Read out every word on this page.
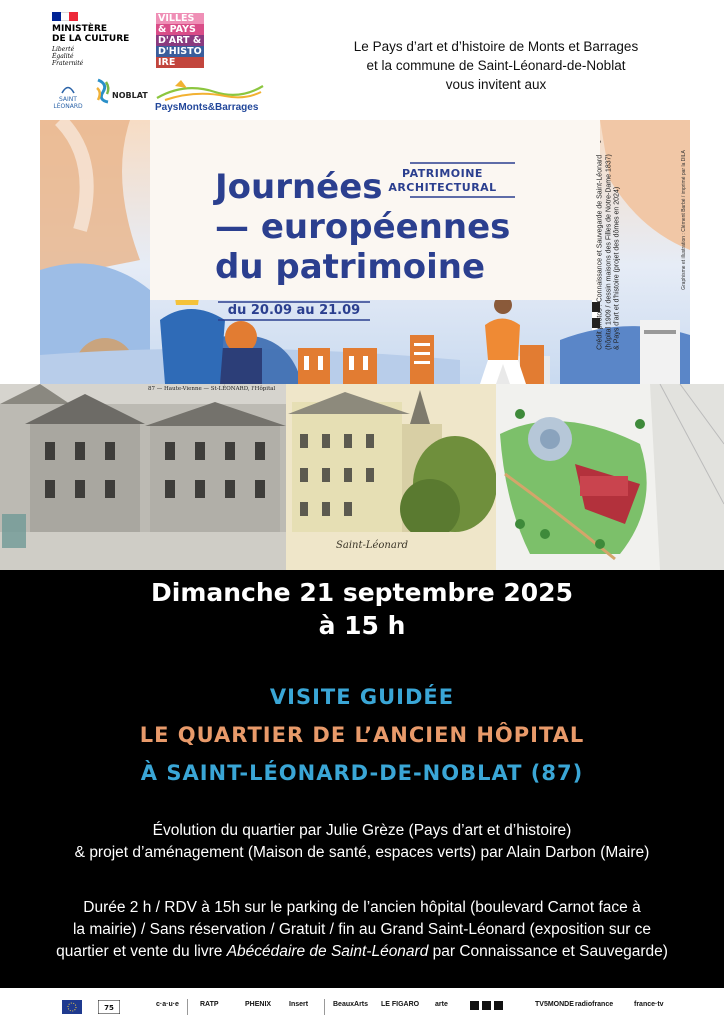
MINISTÈRE
DE LA CULTURE
Liberté
Égalité
Fraternité
VILLES
& PAYS
D'ART &
D'HISTO
IRE
SAINT LÉONARD
NOBLAT
PaysMonts&Barrages
Le Pays d’art et d’histoire de Monts et Barrages
et la commune de Saint-Léonard-de-Noblat
vous invitent aux
PATRIMOINE
ARCHITECTURAL
Journées
— européennes
du patrimoine
du 20.09 au 21.09
Graphisme et illustration : Clément Barbé / imprimé par la DILA
Crédit photos : Connaissance et Sauvegarde de Saint-Léonard (hôpital 1909 / dessin maisons des Filles de Notre-Dame 1837) & Pays d’art et d’histoire (projet des dômes en 2024)
87 — Haute-Vienne — St-LÉONARD, l'Hôpital
Saint-Léonard
Dimanche 21 septembre 2025
à 15 h
VISITE GUIDÉE
LE QUARTIER DE L’ANCIEN HÔPITAL
À SAINT-LÉONARD-DE-NOBLAT (87)
Évolution du quartier par Julie Grèze (Pays d’art et d’histoire)
& projet d’aménagement (Maison de santé, espaces verts) par Alain Darbon (Maire)
Durée 2 h / RDV à 15h sur le parking de l’ancien hôpital (boulevard Carnot face à
la mairie) / Sans réservation / Gratuit / fin au Grand Saint-Léonard (exposition sur ce
quartier et vente du livre Abécédaire de Saint-Léonard par Connaissance et Sauvegarde)
75	c·a·u·e	RATP	PHENIX	Insert	BeauxArts LE FIGARO arte	TV5MONDE radiofrance	france·tv
